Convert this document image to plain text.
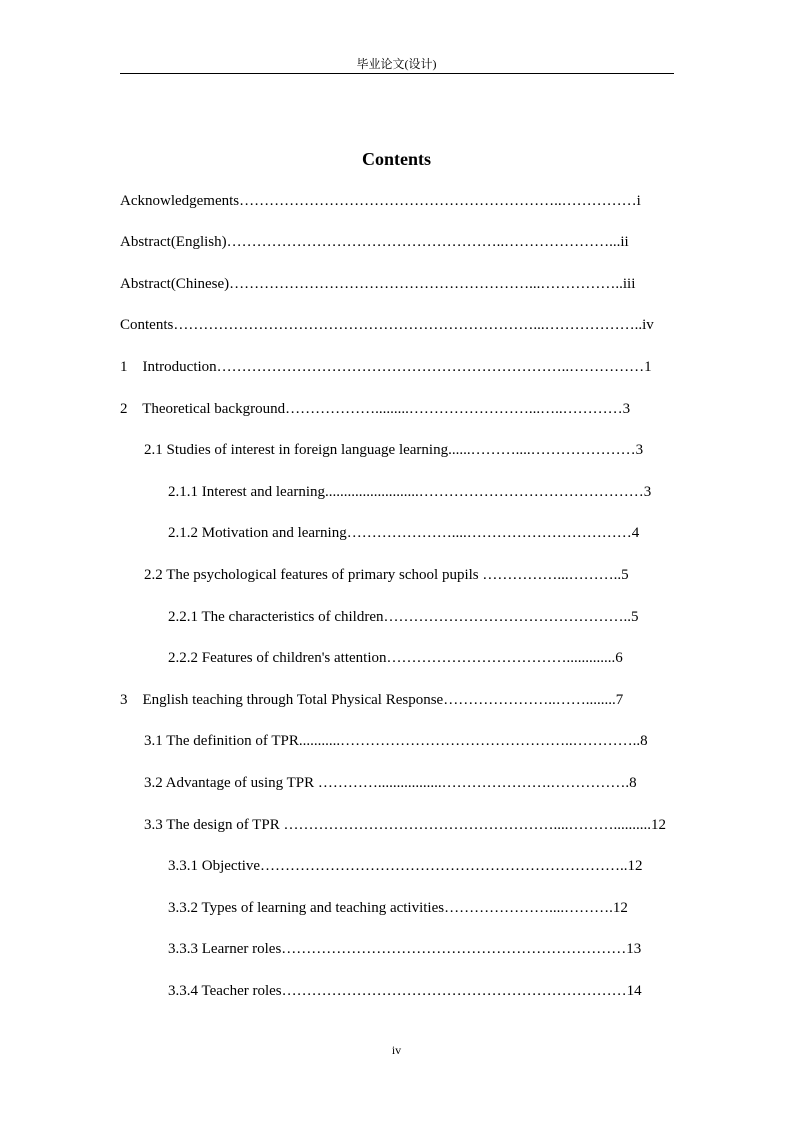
毕业论文(设计)
Contents
Acknowledgements………………………………………………………..……………i
Abstract(English)………………………………………………..…………………...ii
Abstract(Chinese)……………………………………………………...……………..iii
Contents………………………………………………………………...………………..iv
1    Introduction……………………………………………………………..……………1
2    Theoretical background……………….........……………………...…..…………3
2.1 Studies of interest in foreign language learning......………....…………………3
2.1.1 Interest and learning.........................………………………………………3
2.1.2 Motivation and learning…………………....……………………………4
2.2 The psychological features of primary school pupils ……………...………..5
2.2.1 The characteristics of children…………………………………………..5
2.2.2 Features of children's attention……………………………….............6
3    English teaching through Total Physical Response…………………..……........7
3.1 The definition of TPR...........………………………………………..…………..8
3.2 Advantage of using TPR ………….................………………….…………….8
3.3 The design of TPR ………………………………………………....………..........12
3.3.1 Objective………………………………………………………………..12
3.3.2 Types of learning and teaching activities…………………....……….12
3.3.3 Learner roles……………………………………………………………13
3.3.4 Teacher roles……………………………………………………………14
iv
